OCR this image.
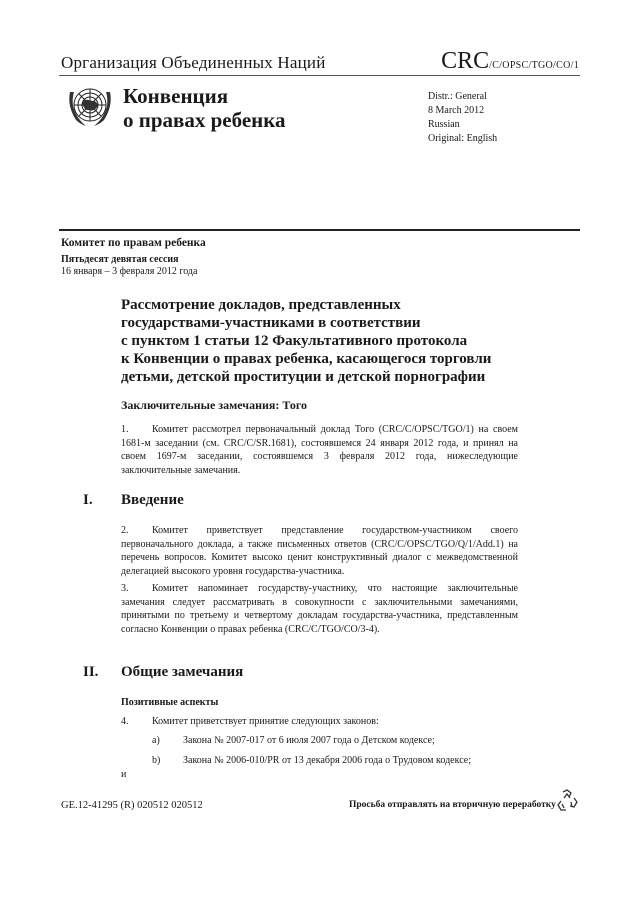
Организация Объединенных Наций	CRC/C/OPSC/TGO/CO/1
Конвенция
о правах ребенка
Distr.: General
8 March 2012
Russian
Original: English
Комитет по правам ребенка
Пятьдесят девятая сессия
16 января – 3 февраля 2012 года
Рассмотрение докладов, представленных
государствами-участниками в соответствии
с пунктом 1 статьи 12 Факультативного протокола
к Конвенции о правах ребенка, касающегося торговли
детьми, детской проституции и детской порнографии
Заключительные замечания: Того
1. Комитет рассмотрел первоначальный доклад Того (CRC/C/OPSC/TGO/1) на своем 1681-м заседании (см. CRC/C/SR.1681), состоявшемся 24 января 2012 года, и принял на своем 1697-м заседании, состоявшемся 3 февраля 2012 года, нижеследующие заключительные замечания.
I. Введение
2. Комитет приветствует представление государством-участником своего первоначального доклада, а также письменных ответов (CRC/C/OPSC/TGO/Q/1/Add.1) на перечень вопросов. Комитет высоко ценит конструктивный диалог с межведомственной делегацией высокого уровня государства-участника.
3. Комитет напоминает государству-участнику, что настоящие заключительные замечания следует рассматривать в совокупности с заключительными замечаниями, принятыми по третьему и четвертому докладам государства-участника, представленным согласно Конвенции о правах ребенка (CRC/C/TGO/CO/3-4).
II. Общие замечания
Позитивные аспекты
4. Комитет приветствует принятие следующих законов:
a) Закона № 2007-017 от 6 июля 2007 года о Детском кодексе;
b) Закона № 2006-010/PR от 13 декабря 2006 года о Трудовом кодексе;
и
GE.12-41295 (R) 020512 020512	Просьба отправлять на вторичную переработку
